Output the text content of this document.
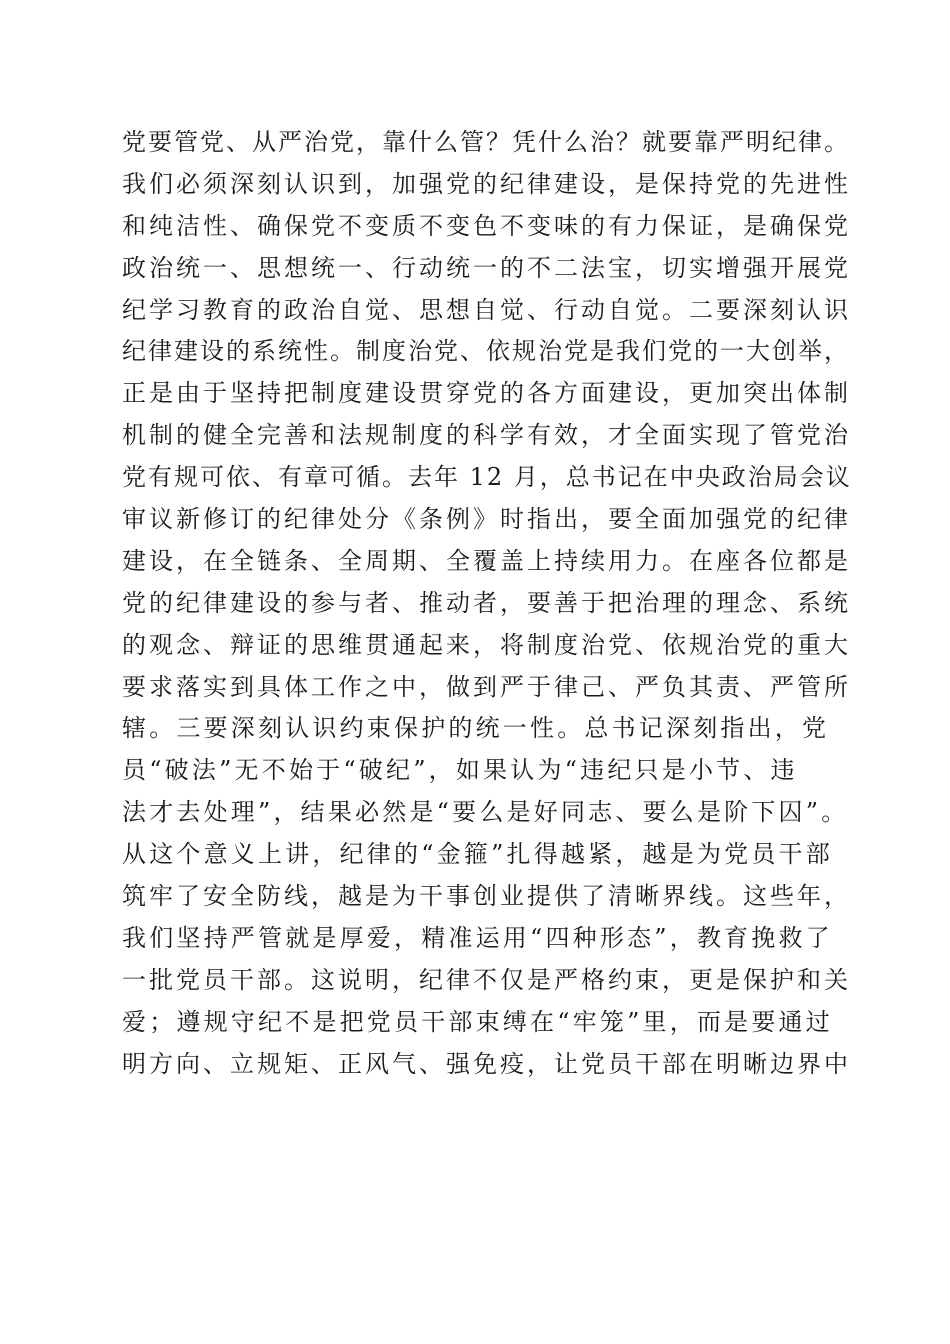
党要管党、从严治党，靠什么管？凭什么治？就要靠严明纪律。
我们必须深刻认识到，加强党的纪律建设，是保持党的先进性
和纯洁性、确保党不变质不变色不变味的有力保证，是确保党
政治统一、思想统一、行动统一的不二法宝，切实增强开展党
纪学习教育的政治自觉、思想自觉、行动自觉。二要深刻认识
纪律建设的系统性。制度治党、依规治党是我们党的一大创举，
正是由于坚持把制度建设贯穿党的各方面建设，更加突出体制
机制的健全完善和法规制度的科学有效，才全面实现了管党治
党有规可依、有章可循。去年 12 月，总书记在中央政治局会议
审议新修订的纪律处分《条例》时指出，要全面加强党的纪律
建设，在全链条、全周期、全覆盖上持续用力。在座各位都是
党的纪律建设的参与者、推动者，要善于把治理的理念、系统
的观念、辩证的思维贯通起来，将制度治党、依规治党的重大
要求落实到具体工作之中，做到严于律己、严负其责、严管所
辖。三要深刻认识约束保护的统一性。总书记深刻指出，党
员“破法”无不始于“破纪”，如果认为“违纪只是小节、违
法才去处理”，结果必然是“要么是好同志、要么是阶下囚”。
从这个意义上讲，纪律的“金箍”扎得越紧，越是为党员干部
筑牢了安全防线，越是为干事创业提供了清晰界线。这些年，
我们坚持严管就是厚爱，精准运用“四种形态”，教育挽救了
一批党员干部。这说明，纪律不仅是严格约束，更是保护和关
爱；遵规守纪不是把党员干部束缚在“牢笼”里，而是要通过
明方向、立规矩、正风气、强免疫，让党员干部在明晰边界中
